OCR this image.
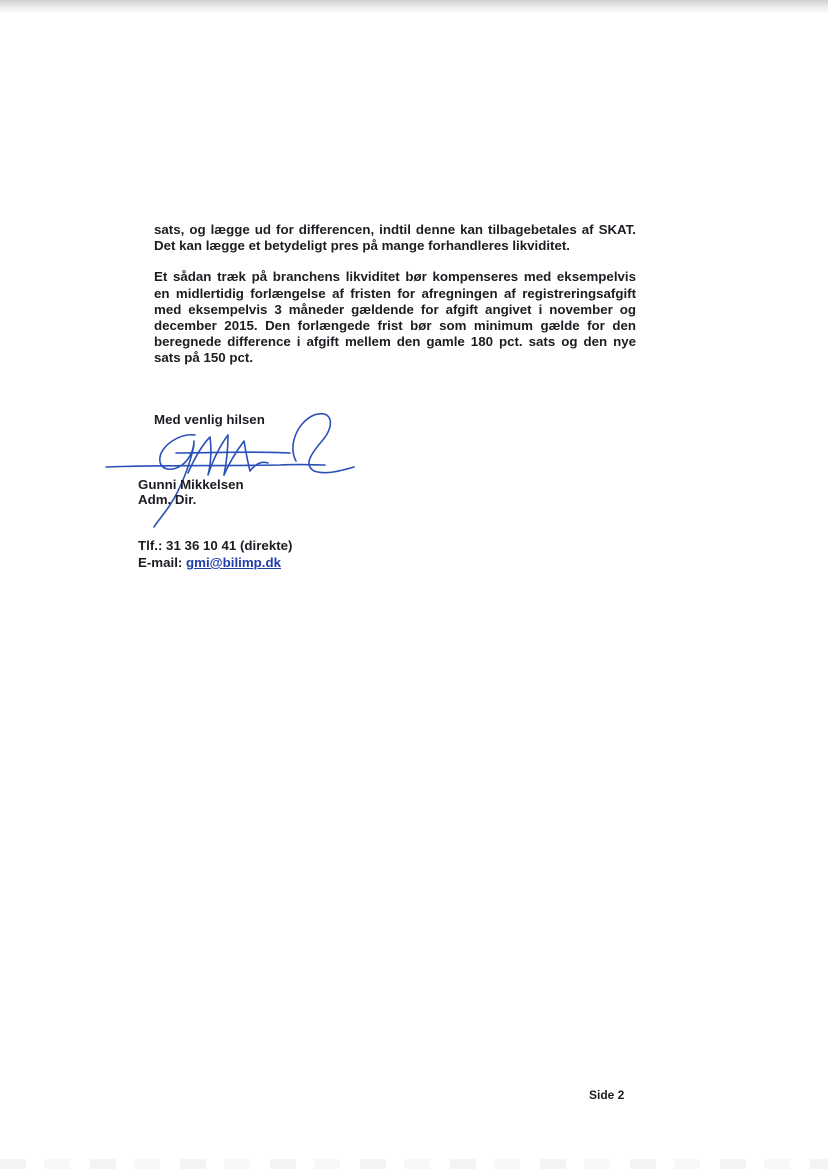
sats, og lægge ud for differencen, indtil denne kan tilbagebetales af SKAT. Det kan lægge et betydeligt pres på mange forhandleres likviditet.

Et sådan træk på branchens likviditet bør kompenseres med eksempelvis en midlertidig forlængelse af fristen for afregningen af registreringsafgift med eksempelvis 3 måneder gældende for afgift angivet i november og december 2015. Den forlængede frist bør som minimum gælde for den beregnede difference i afgift mellem den gamle 180 pct. sats og den nye sats på 150 pct.

Med venlig hilsen

Gunni Mikkelsen

Adm. Dir.

Tlf.: 31 36 10 41 (direkte)

E-mail: gmi@bilimp.dk

Side 2
